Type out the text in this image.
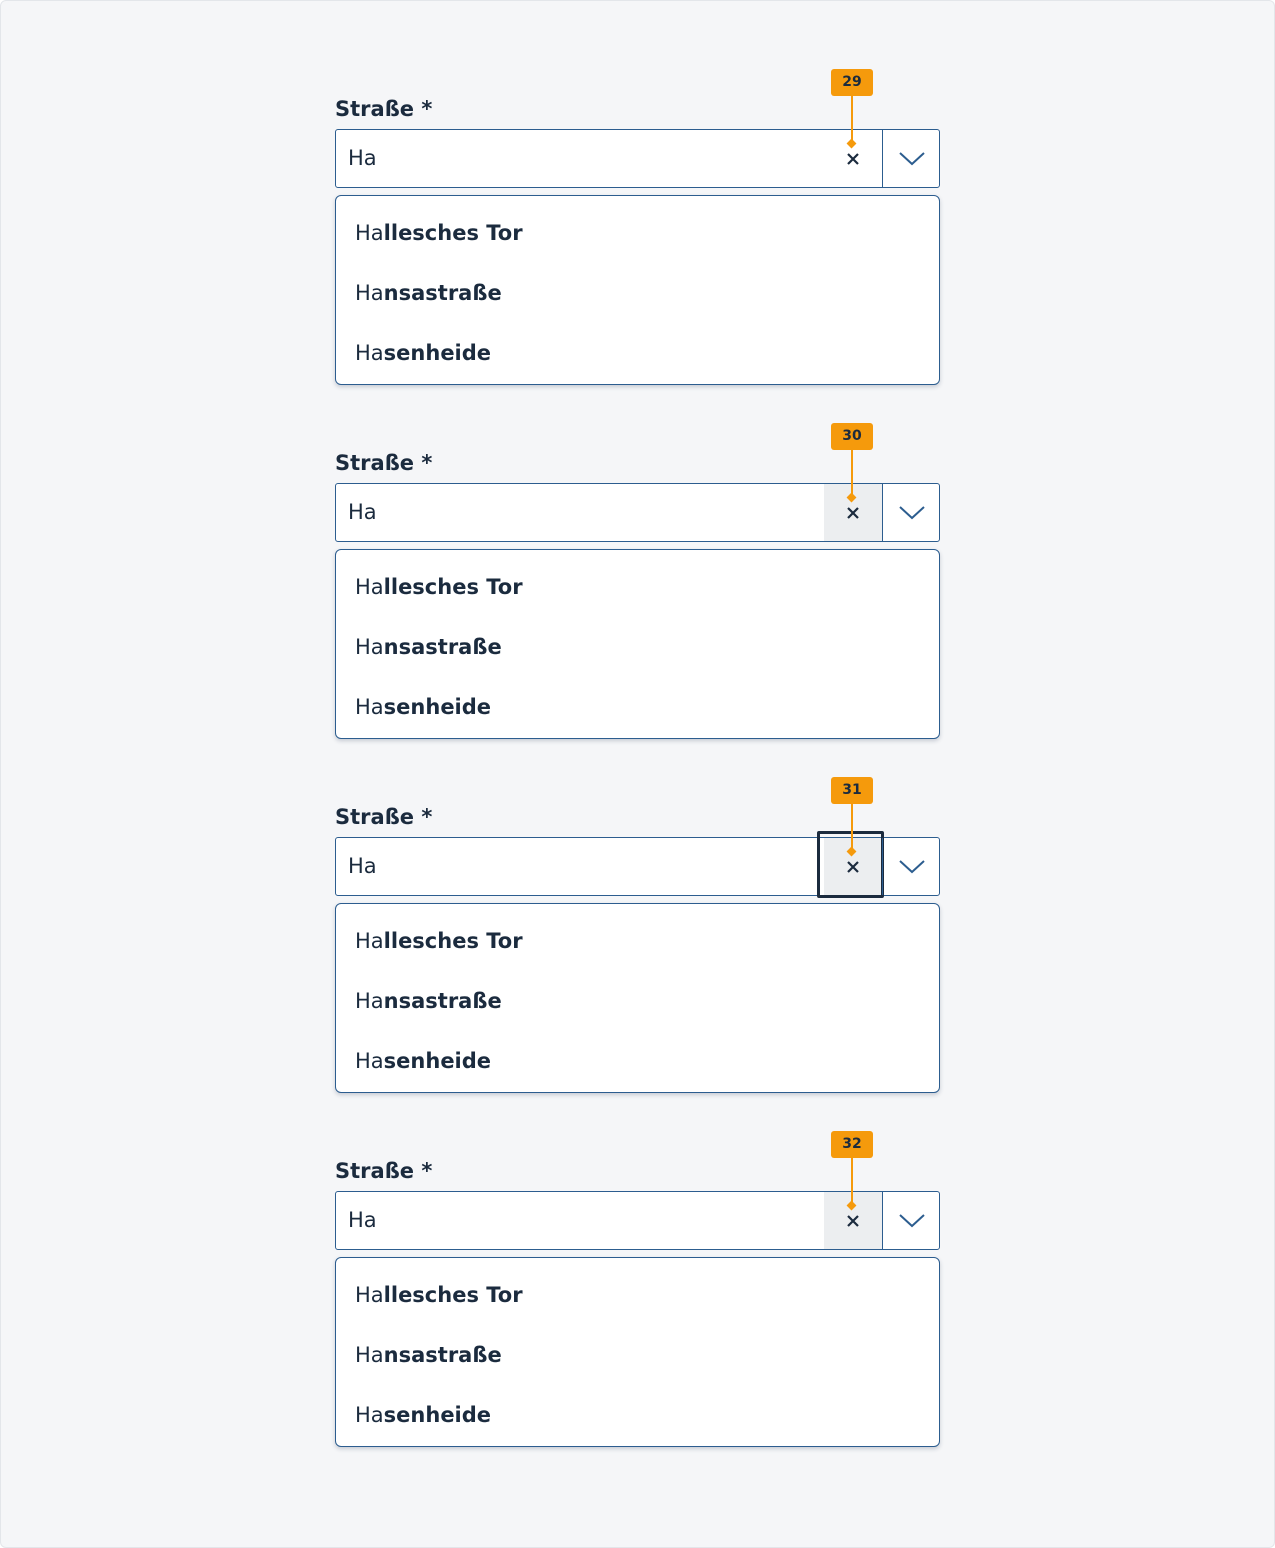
Straße *
Ha
Hallesches Tor
Hansastraße
Hasenheide
29
Straße *
Ha
Hallesches Tor
Hansastraße
Hasenheide
30
Straße *
Ha
Hallesches Tor
Hansastraße
Hasenheide
31
Straße *
Ha
Hallesches Tor
Hansastraße
Hasenheide
32
